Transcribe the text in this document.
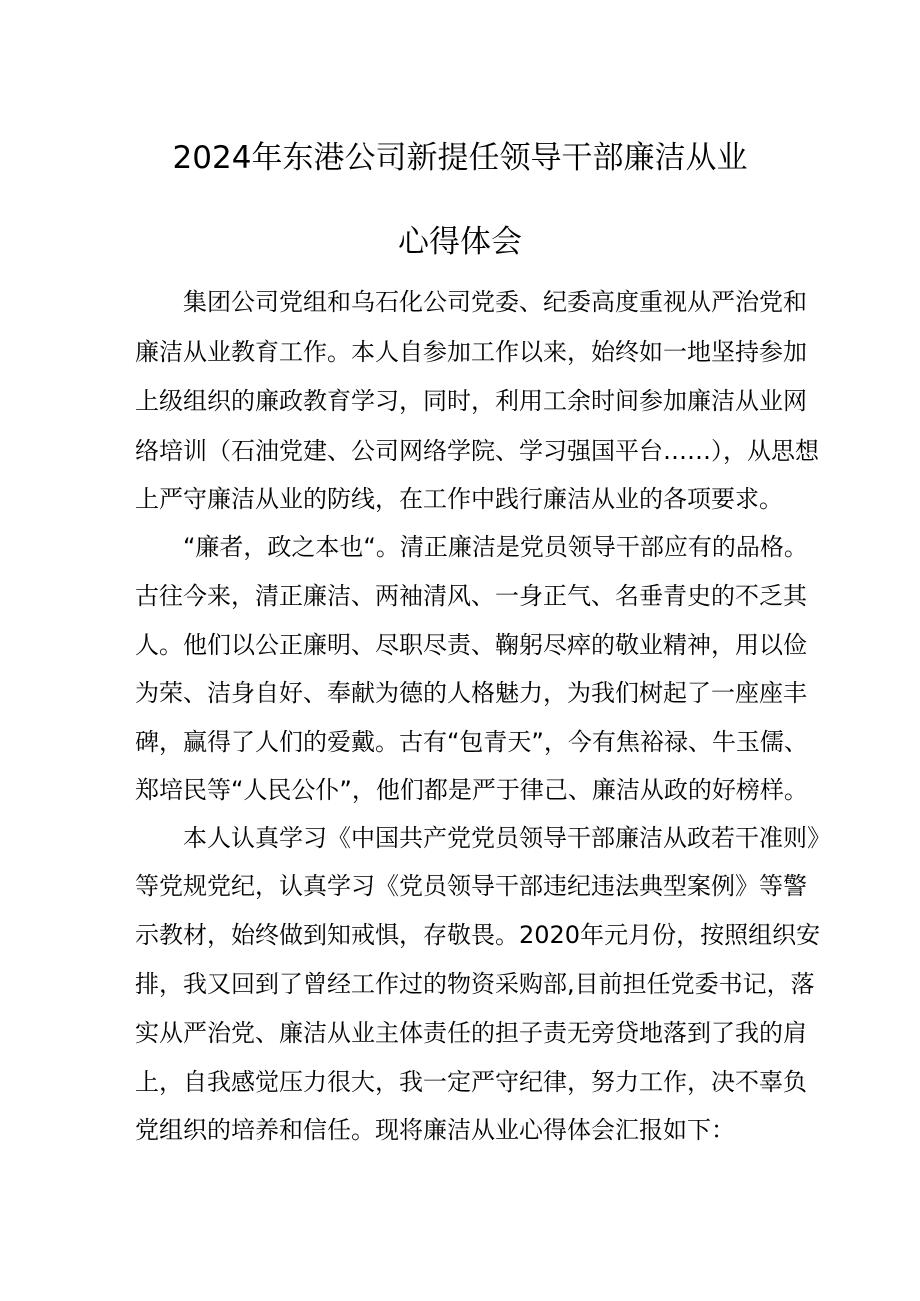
2024年东港公司新提任领导干部廉洁从业
心得体会
集团公司党组和乌石化公司党委、纪委高度重视从严治党和
廉洁从业教育工作。本人自参加工作以来，始终如一地坚持参加
上级组织的廉政教育学习，同时，利用工余时间参加廉洁从业网
络培训（石油党建、公司网络学院、学习强国平台……），从思想
上严守廉洁从业的防线，在工作中践行廉洁从业的各项要求。
“廉者，政之本也“。清正廉洁是党员领导干部应有的品格。
古往今来，清正廉洁、两袖清风、一身正气、名垂青史的不乏其
人。他们以公正廉明、尽职尽责、鞠躬尽瘁的敬业精神，用以俭
为荣、洁身自好、奉献为德的人格魅力，为我们树起了一座座丰
碑，赢得了人们的爱戴。古有“包青天”，今有焦裕禄、牛玉儒、
郑培民等“人民公仆”，他们都是严于律己、廉洁从政的好榜样。
本人认真学习《中国共产党党员领导干部廉洁从政若干准则》
等党规党纪，认真学习《党员领导干部违纪违法典型案例》等警
示教材，始终做到知戒惧，存敬畏。2020年元月份，按照组织安
排，我又回到了曾经工作过的物资采购部,目前担任党委书记，落
实从严治党、廉洁从业主体责任的担子责无旁贷地落到了我的肩
上，自我感觉压力很大，我一定严守纪律，努力工作，决不辜负
党组织的培养和信任。现将廉洁从业心得体会汇报如下：
